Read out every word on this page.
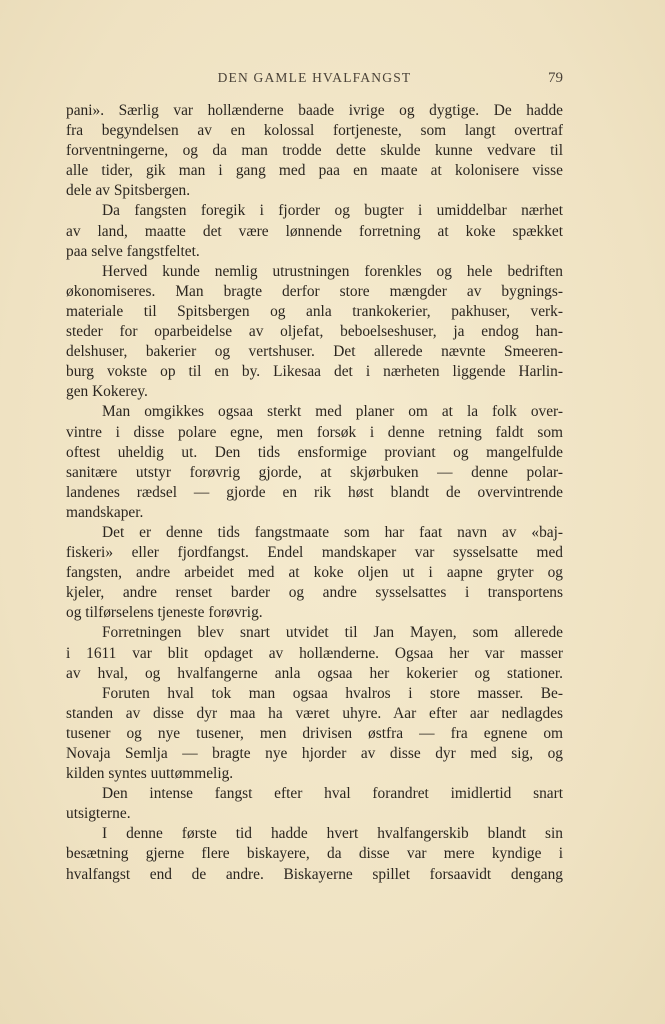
DEN GAMLE HVALFANGST	79
pani». Særlig var hollænderne baade ivrige og dygtige. De hadde
fra begyndelsen av en kolossal fortjeneste, som langt overtraf
forventningerne, og da man trodde dette skulde kunne vedvare til
alle tider, gik man i gang med paa en maate at kolonisere visse
dele av Spitsbergen.
Da fangsten foregik i fjorder og bugter i umiddelbar nærhet
av land, maatte det være lønnende forretning at koke spækket
paa selve fangstfeltet.
Herved kunde nemlig utrustningen forenkles og hele bedriften
økonomiseres. Man bragte derfor store mængder av bygnings-
materiale til Spitsbergen og anla trankokerier, pakhuser, verk-
steder for oparbeidelse av oljefat, beboelseshuser, ja endog han-
delshuser, bakerier og vertshuser. Det allerede nævnte Smeeren-
burg vokste op til en by. Likesaa det i nærheten liggende Harlin-
gen Kokerey.
Man omgikkes ogsaa sterkt med planer om at la folk over-
vintre i disse polare egne, men forsøk i denne retning faldt som
oftest uheldig ut. Den tids ensformige proviant og mangelfulde
sanitære utstyr forøvrig gjorde, at skjørbuken — denne polar-
landenes rædsel — gjorde en rik høst blandt de overvintrende
mandskaper.
Det er denne tids fangstmaate som har faat navn av «baj-
fiskeri» eller fjordfangst. Endel mandskaper var sysselsatte med
fangsten, andre arbeidet med at koke oljen ut i aapne gryter og
kjeler, andre renset barder og andre sysselsattes i transportens
og tilførselens tjeneste forøvrig.
Forretningen blev snart utvidet til Jan Mayen, som allerede
i 1611 var blit opdaget av hollænderne. Ogsaa her var masser
av hval, og hvalfangerne anla ogsaa her kokerier og stationer.
Foruten hval tok man ogsaa hvalros i store masser. Be-
standen av disse dyr maa ha været uhyre. Aar efter aar nedlagdes
tusener og nye tusener, men drivisen østfra — fra egnene om
Novaja Semlja — bragte nye hjorder av disse dyr med sig, og
kilden syntes uuttømmelig.
Den intense fangst efter hval forandret imidlertid snart
utsigterne.
I denne første tid hadde hvert hvalfangerskib blandt sin
besætning gjerne flere biskayere, da disse var mere kyndige i
hvalfangst end de andre. Biskayerne spillet forsaavidt dengang
